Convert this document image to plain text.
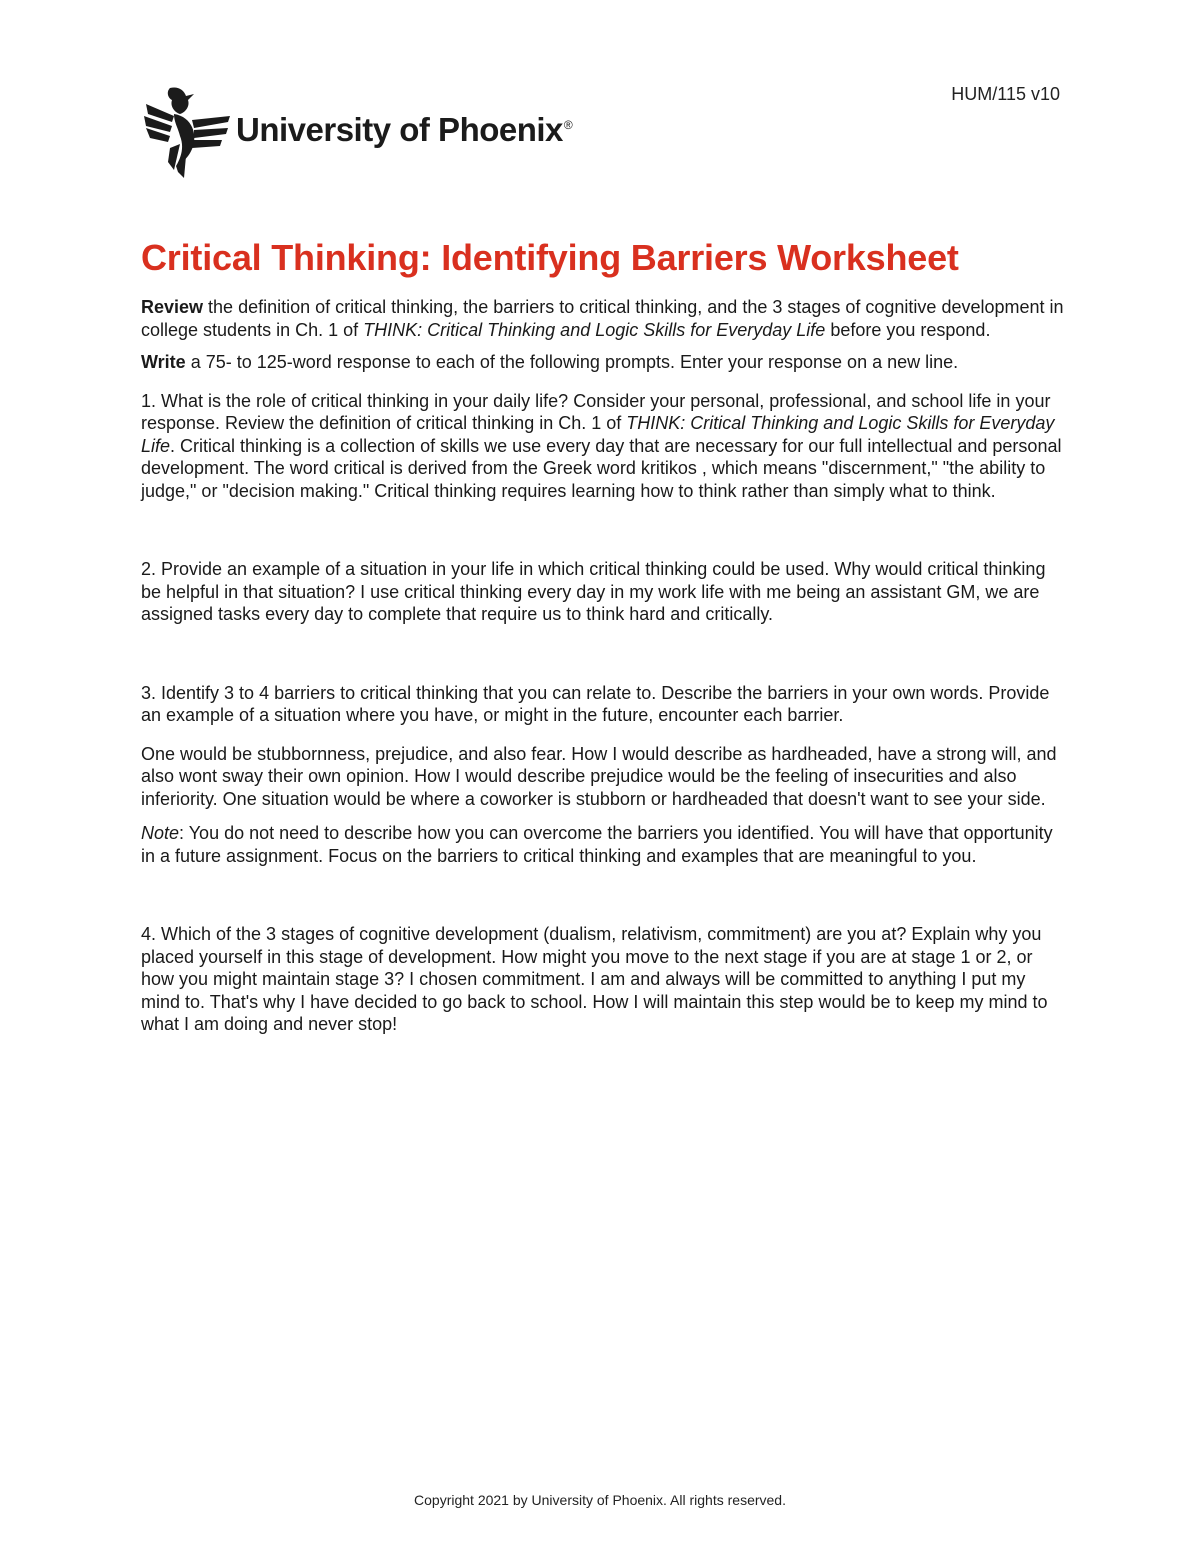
HUM/115 v10
University of Phoenix®
Critical Thinking: Identifying Barriers Worksheet

Review the definition of critical thinking, the barriers to critical thinking, and the 3 stages of cognitive development in college students in Ch. 1 of THINK: Critical Thinking and Logic Skills for Everyday Life before you respond.

Write a 75- to 125-word response to each of the following prompts. Enter your response on a new line.

1. What is the role of critical thinking in your daily life? Consider your personal, professional, and school life in your response. Review the definition of critical thinking in Ch. 1 of THINK: Critical Thinking and Logic Skills for Everyday Life. Critical thinking is a collection of skills we use every day that are necessary for our full intellectual and personal development. The word critical is derived from the Greek word kritikos , which means "discernment," "the ability to judge," or "decision making." Critical thinking requires learning how to think rather than simply what to think.

2. Provide an example of a situation in your life in which critical thinking could be used. Why would critical thinking be helpful in that situation? I use critical thinking every day in my work life with me being an assistant GM, we are assigned tasks every day to complete that require us to think hard and critically.

3. Identify 3 to 4 barriers to critical thinking that you can relate to. Describe the barriers in your own words. Provide an example of a situation where you have, or might in the future, encounter each barrier.

One would be stubbornness, prejudice, and also fear. How I would describe as hardheaded, have a strong will, and also wont sway their own opinion. How I would describe prejudice would be the feeling of insecurities and also inferiority. One situation would be where a coworker is stubborn or hardheaded that doesn't want to see your side.

Note: You do not need to describe how you can overcome the barriers you identified. You will have that opportunity in a future assignment. Focus on the barriers to critical thinking and examples that are meaningful to you.

4. Which of the 3 stages of cognitive development (dualism, relativism, commitment) are you at? Explain why you placed yourself in this stage of development. How might you move to the next stage if you are at stage 1 or 2, or how you might maintain stage 3? I chosen commitment. I am and always will be committed to anything I put my mind to. That's why I have decided to go back to school. How I will maintain this step would be to keep my mind to what I am doing and never stop!

Copyright 2021 by University of Phoenix. All rights reserved.
